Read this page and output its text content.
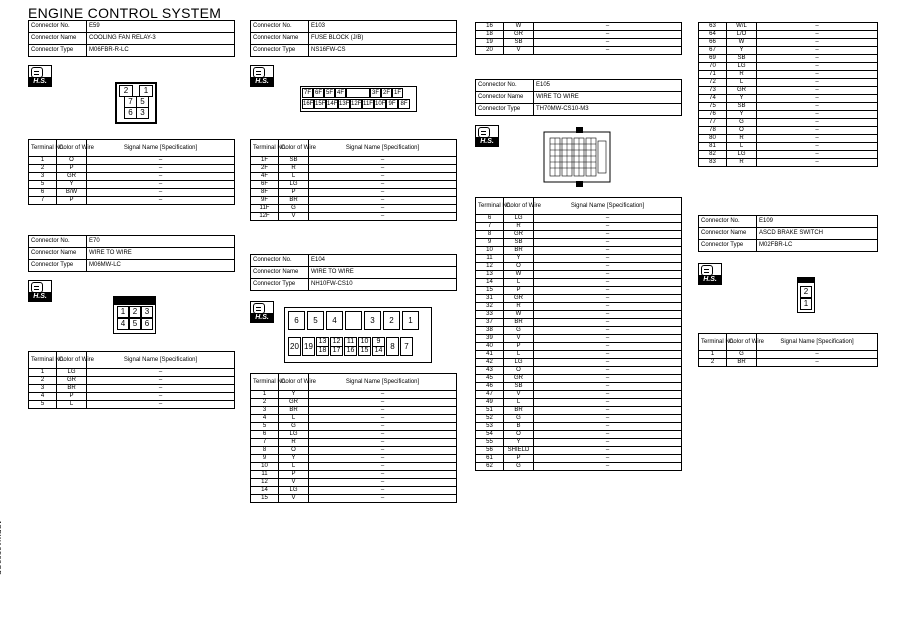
ENGINE CONTROL SYSTEM
Connector No.	E59
Connector Name	COOLING FAN RELAY-3
Connector Type	M06FBR-R-LC
H.S.
2	1
7 5
6 3
Terminal No.	Color of Wire	Signal Name [Specification]
1	O	–
2	P	–
3	GR	–
5	Y	–
6	B/W	–
7	P	–
Connector No.	E70
Connector Name	WIRE TO WIRE
Connector Type	M06MW-LC
H.S.
1 2 3
4 5 6
Terminal No.	Color of Wire	Signal Name [Specification]
1	LG	–
2	GR	–
3	BR	–
4	P	–
5	L	–
Connector No.	E103
Connector Name	FUSE BLOCK (J/B)
Connector Type	NS16FW-CS
H.S.
7F 6F 5F 4F	3F 2F 1F
16F 15F 14F 13F 12F 11F 10F 9F 8F
Terminal No.	Color of Wire	Signal Name [Specification]
1F	SB	–
2F	R	–
4F	L	–
6F	LG	–
8F	P	–
9F	BR	–
11F	G	–
12F	V	–
Connector No.	E104
Connector Name	WIRE TO WIRE
Connector Type	NH10FW-CS10
H.S.	6	5	4	3	2	1
20 19
13 12 11 10	9
8	7
18 17 16 15 14
Terminal No.	Color of Wire	Signal Name [Specification]
1	Y	–
2	GR	–
3	BR	–
4	L	–
5	G	–
6	LG	–
7	R	–
8	O	–
9	Y	–
10	L	–
11	P	–
12	V	–
14	LG	–
15	V	–
16	W	–
18	GR	–
19	SB	–
20	V	–
Connector No.	E105
Connector Name	WIRE TO WIRE
Connector Type	TH70MW-CS10-M3
H.S.
Terminal No.	Color of Wire	Signal Name [Specification]
6	LG	–
7	R	–
8	GR	–
9	SB	–
10	BR	–
11	Y	–
12	O	–
13	W	–
14	L	–
15	P	–
31	GR	–
32	R	–
33	W	–
37	BR	–
38	G	–
39	V	–
40	P	–
41	L	–
42	LG	–
43	O	–
45	GR	–
46	SB	–
47	V	–
49	L	–
51	BR	–
52	G	–
53	B	–
54	O	–
55	Y	–
56	SHIELD	–
61	P	–
62	G	–
63	W/L	–
64	L/O	–
66	W	–
67	Y	–
69	SB	–
70	LG	–
71	R	–
72	L	–
73	GR	–
74	Y	–
75	SB	–
76	Y	–
77	G	–
78	O	–
80	R	–
81	L	–
82	LG	–
83	R	–
Connector No.	E109
Connector Name	ASCD BRAKE SWITCH
Connector Type	M02FBR-LC
H.S.
2
1
Terminal No.	Color of Wire	Signal Name [Specification]
1	G	–
2	BR	–
